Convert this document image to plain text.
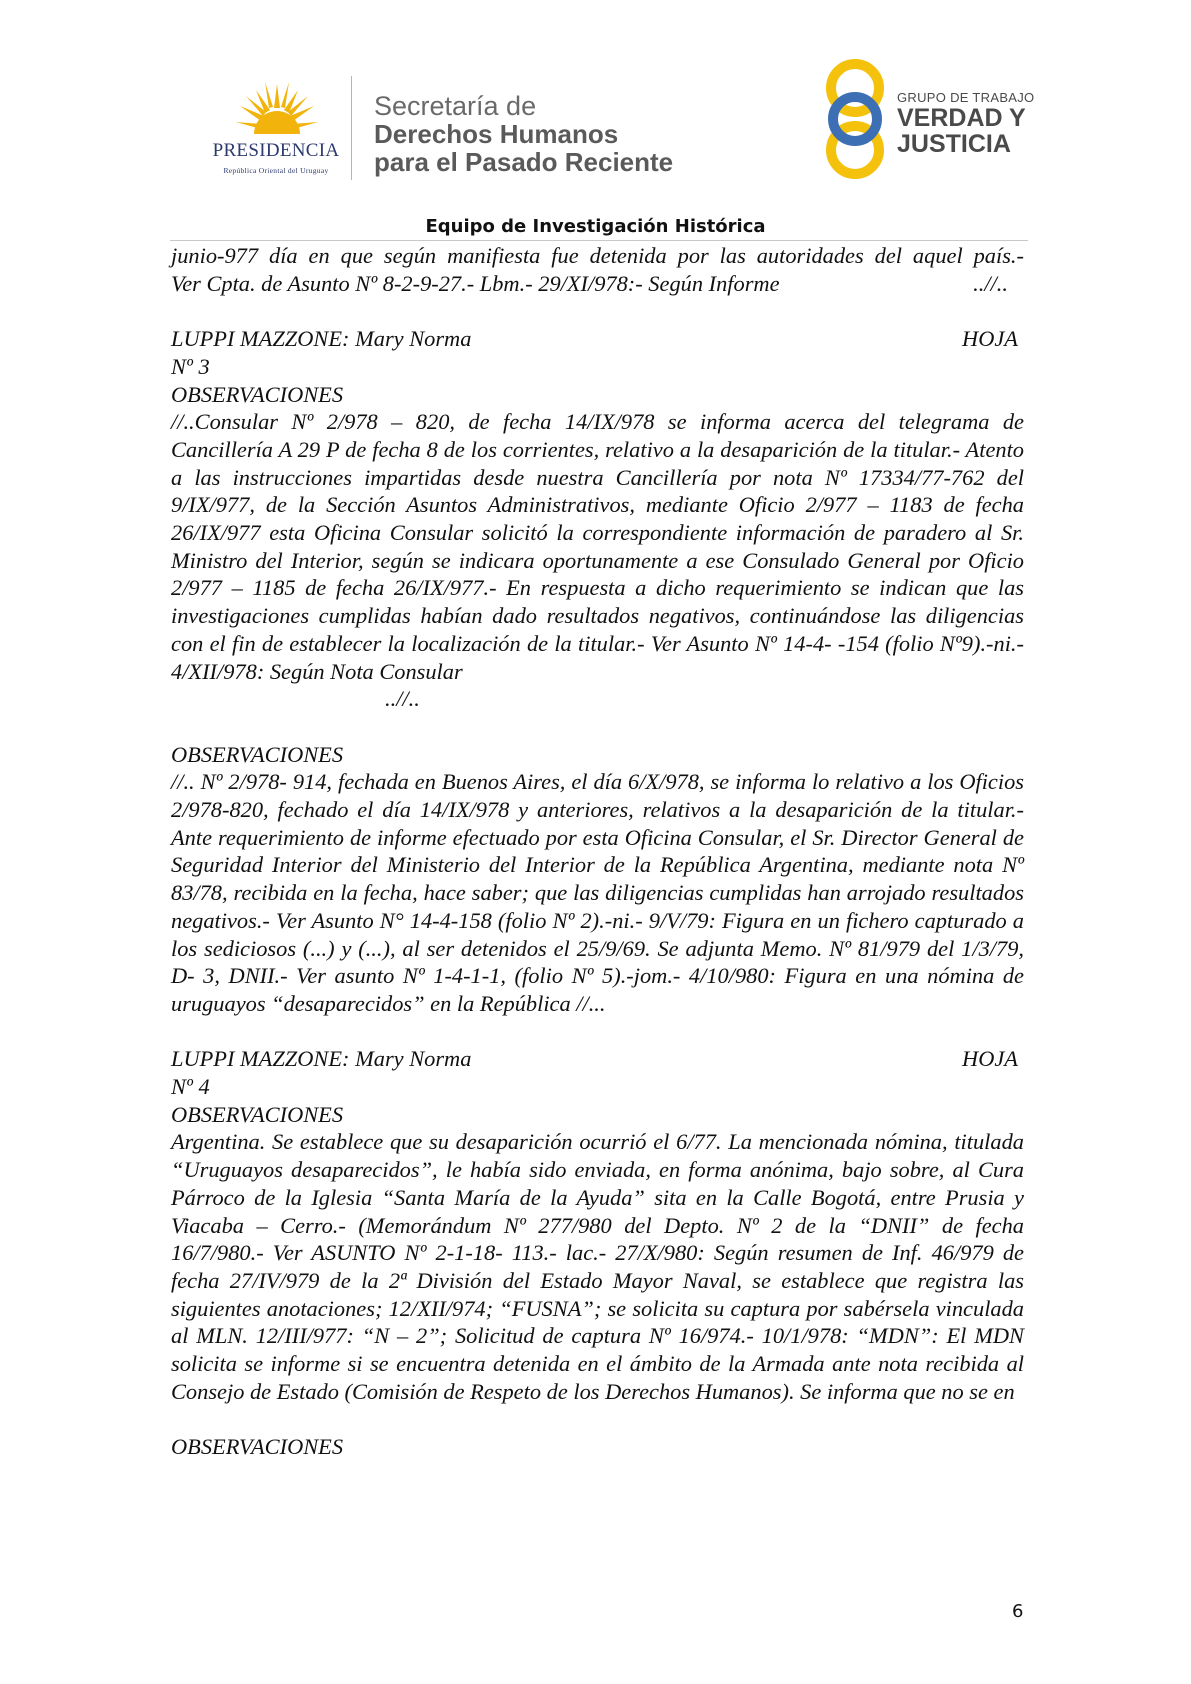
PRESIDENCIA
República Oriental del Uruguay
Secretaría de
Derechos Humanos
para el Pasado Reciente
GRUPO DE TRABAJO
VERDAD Y
JUSTICIA
Equipo de Investigación Histórica

junio-977 día en que según manifiesta fue detenida por las autoridades del aquel país.-

Ver Cpta. de Asunto Nº 8-2-9-27.- Lbm.- 29/XI/978:- Según Informe	..//..

LUPPI MAZZONE: Mary Norma	HOJA

Nº 3

OBSERVACIONES

//..Consular Nº 2/978 – 820, de fecha 14/IX/978 se informa acerca del telegrama de Cancillería A 29 P de fecha 8 de los corrientes, relativo a la desaparición de la titular.- Atento a las instrucciones impartidas desde nuestra Cancillería por nota Nº 17334/77-762 del 9/IX/977, de la Sección Asuntos Administrativos, mediante Oficio 2/977 – 1183 de fecha 26/IX/977 esta Oficina Consular solicitó la correspondiente información de paradero al Sr. Ministro del Interior, según se indicara oportunamente a ese Consulado General por Oficio 2/977 – 1185 de fecha 26/IX/977.- En respuesta a dicho requerimiento se indican que las investigaciones cumplidas habían dado resultados negativos, continuándose las diligencias con el fin de establecer la localización de la titular.- Ver Asunto Nº 14-4- -154 (folio Nº9).-ni.- 4/XII/978: Según Nota Consular

..//..

OBSERVACIONES

//.. Nº 2/978- 914, fechada en Buenos Aires, el día 6/X/978, se informa lo relativo a los Oficios 2/978-820, fechado el día 14/IX/978 y anteriores, relativos a la desaparición de la titular.- Ante requerimiento de informe efectuado por esta Oficina Consular, el Sr. Director General de Seguridad Interior del Ministerio del Interior de la República Argentina, mediante nota Nº 83/78, recibida en la fecha, hace saber; que las diligencias cumplidas han arrojado resultados negativos.- Ver Asunto N° 14-4-158 (folio Nº 2).-ni.- 9/V/79: Figura en un fichero capturado a los sediciosos (...) y (...), al ser detenidos el 25/9/69. Se adjunta Memo. Nº 81/979 del 1/3/79, D- 3, DNII.- Ver asunto Nº 1-4-1-1, (folio Nº 5).-jom.- 4/10/980: Figura en una nómina de uruguayos “desaparecidos” en la República //...

LUPPI MAZZONE: Mary Norma	HOJA

Nº 4

OBSERVACIONES

Argentina. Se establece que su desaparición ocurrió el 6/77. La mencionada nómina, titulada “Uruguayos desaparecidos”, le había sido enviada, en forma anónima, bajo sobre, al Cura Párroco de la Iglesia “Santa María de la Ayuda” sita en la Calle Bogotá, entre Prusia y Viacaba – Cerro.- (Memorándum Nº 277/980 del Depto. Nº 2 de la “DNII” de fecha 16/7/980.- Ver ASUNTO Nº 2-1-18- 113.- lac.- 27/X/980: Según resumen de Inf. 46/979 de fecha 27/IV/979 de la 2ª División del Estado Mayor Naval, se establece que registra las siguientes anotaciones; 12/XII/974; “FUSNA”; se solicita su captura por sabérsela vinculada al MLN. 12/III/977: “N – 2”; Solicitud de captura Nº 16/974.- 10/1/978: “MDN”: El MDN solicita se informe si se encuentra detenida en el ámbito de la Armada ante nota recibida al Consejo de Estado (Comisión de Respeto de los Derechos Humanos). Se informa que no se en

OBSERVACIONES

6
